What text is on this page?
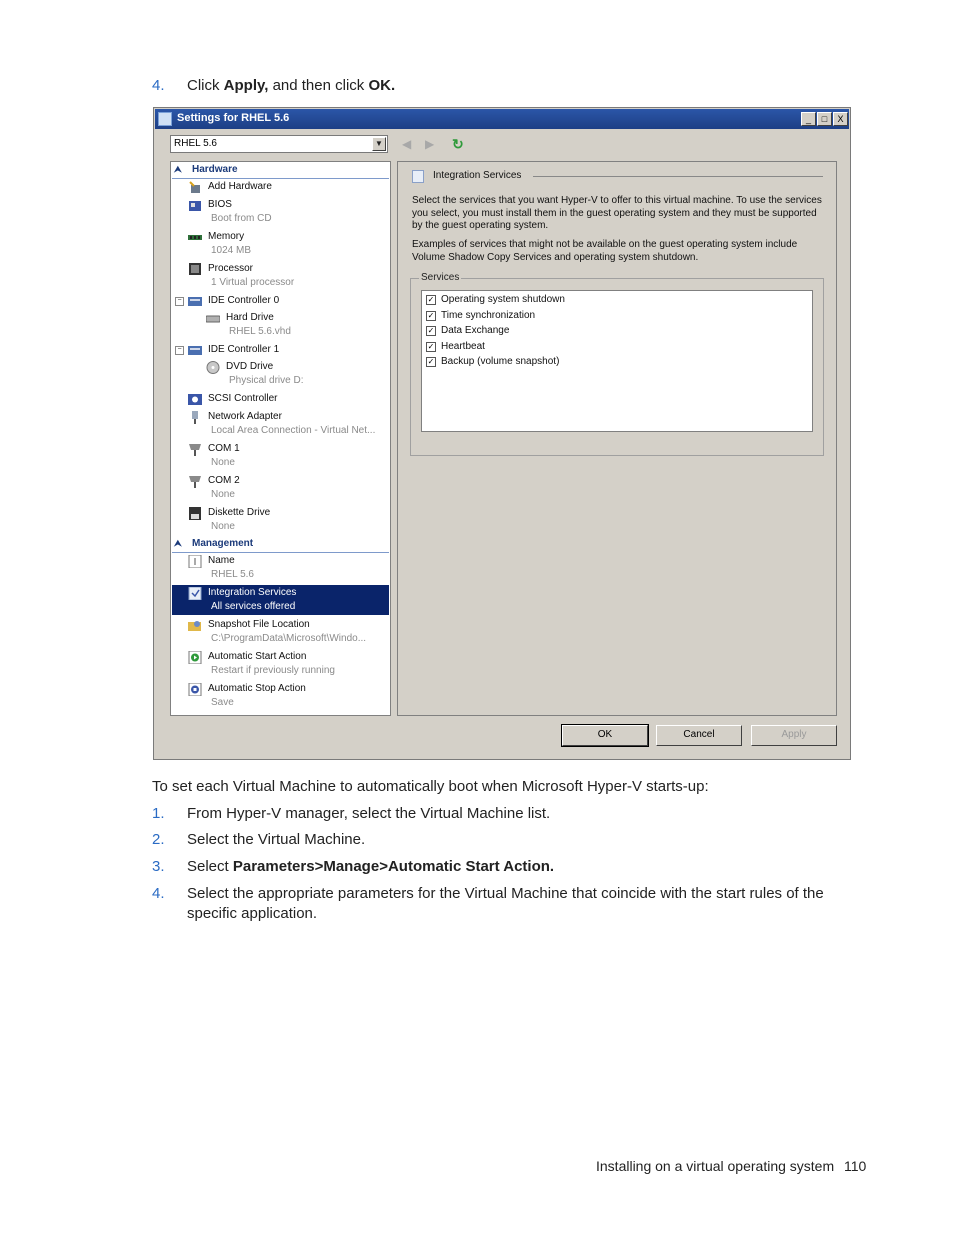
4.	Click Apply, and then click OK.
Settings for RHEL 5.6	_	□	X
RHEL 5.6	▼ ◀ ▶ ↻
⮝ Hardware
Add Hardware
BIOS
Boot from CD
Memory
1024 MB
Processor
1 Virtual processor
−	IDE Controller 0
Hard Drive
RHEL 5.6.vhd
−	IDE Controller 1
DVD Drive
Physical drive D:
SCSI Controller
Network Adapter
Local Area Connection - Virtual Net...
COM 1
None
COM 2
None
Diskette Drive
None
⮝ Management
Name
RHEL 5.6
Integration Services
All services offered
Snapshot File Location
C:\ProgramData\Microsoft\Windo...
Automatic Start Action
Restart if previously running
Automatic Stop Action
Save
Integration Services
Select the services that you want Hyper-V to offer to this virtual machine. To use the services you select, you must install them in the guest operating system and they must be supported by the guest operating system.
Examples of services that might not be available on the guest operating system include Volume Shadow Copy Services and operating system shutdown.
Services
✓ Operating system shutdown
✓ Time synchronization
✓ Data Exchange
✓ Heartbeat
✓ Backup (volume snapshot)
OK	Cancel	Apply
To set each Virtual Machine to automatically boot when Microsoft Hyper-V starts-up:
1.	From Hyper-V manager, select the Virtual Machine list.
2.	Select the Virtual Machine.
3.	Select Parameters>Manage>Automatic Start Action.
4.	Select the appropriate parameters for the Virtual Machine that coincide with the start rules of the specific application.
Installing on a virtual operating system 110
